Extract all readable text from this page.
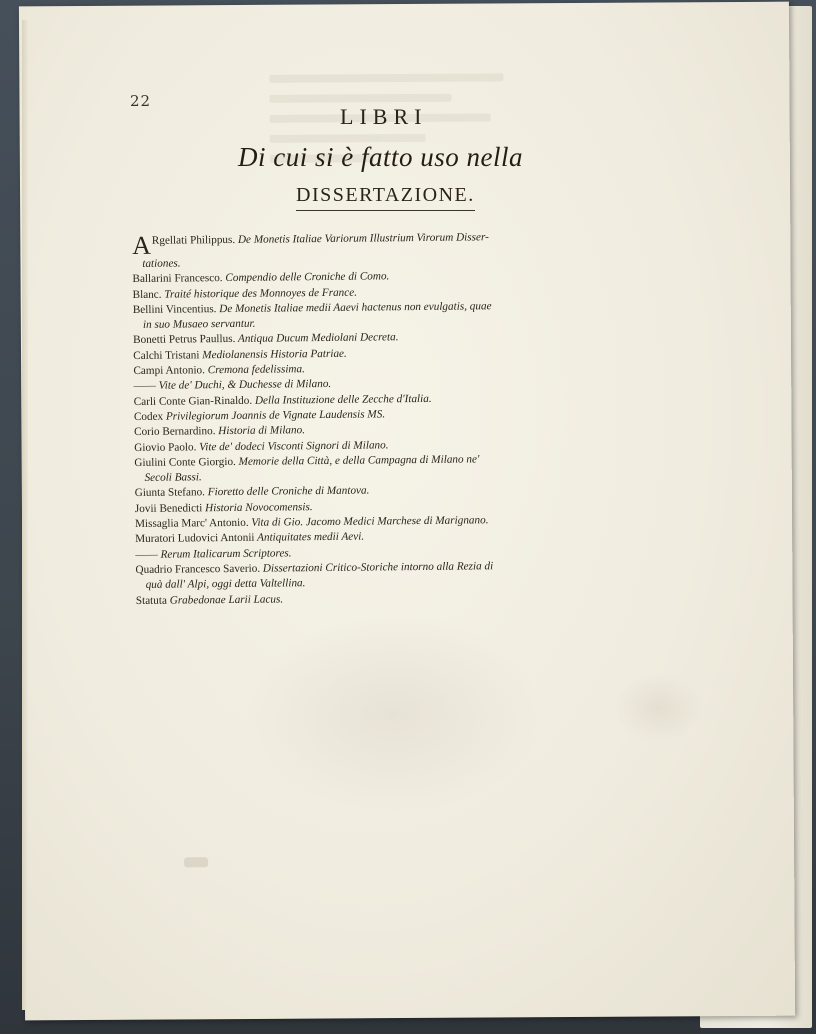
22
LIBRI
Di cui si è fatto uso nella
DISSERTAZIONE.
ARgellati Philippus. De Monetis Italiae Variorum Illustrium Virorum Disser-
tationes.
Ballarini Francesco. Compendio delle Croniche di Como.
Blanc. Traité historique des Monnoyes de France.
Bellini Vincentius. De Monetis Italiae medii Aaevi hactenus non evulgatis, quae
in suo Musaeo servantur.
Bonetti Petrus Paullus. Antiqua Ducum Mediolani Decreta.
Calchi Tristani Mediolanensis Historia Patriae.
Campi Antonio. Cremona fedelissima.
—— Vite de' Duchi, & Duchesse di Milano.
Carli Conte Gian-Rinaldo. Della Instituzione delle Zecche d'Italia.
Codex Privilegiorum Joannis de Vignate Laudensis MS.
Corio Bernardino. Historia di Milano.
Giovio Paolo. Vite de' dodeci Visconti Signori di Milano.
Giulini Conte Giorgio. Memorie della Città, e della Campagna di Milano ne'
Secoli Bassi.
Giunta Stefano. Fioretto delle Croniche di Mantova.
Jovii Benedicti Historia Novocomensis.
Missaglia Marc' Antonio. Vita di Gio. Jacomo Medici Marchese di Marignano.
Muratori Ludovici Antonii Antiquitates medii Aevi.
—— Rerum Italicarum Scriptores.
Quadrio Francesco Saverio. Dissertazioni Critico-Storiche intorno alla Rezia di
quà dall' Alpi, oggi detta Valtellina.
Statuta Grabedonae Larii Lacus.
